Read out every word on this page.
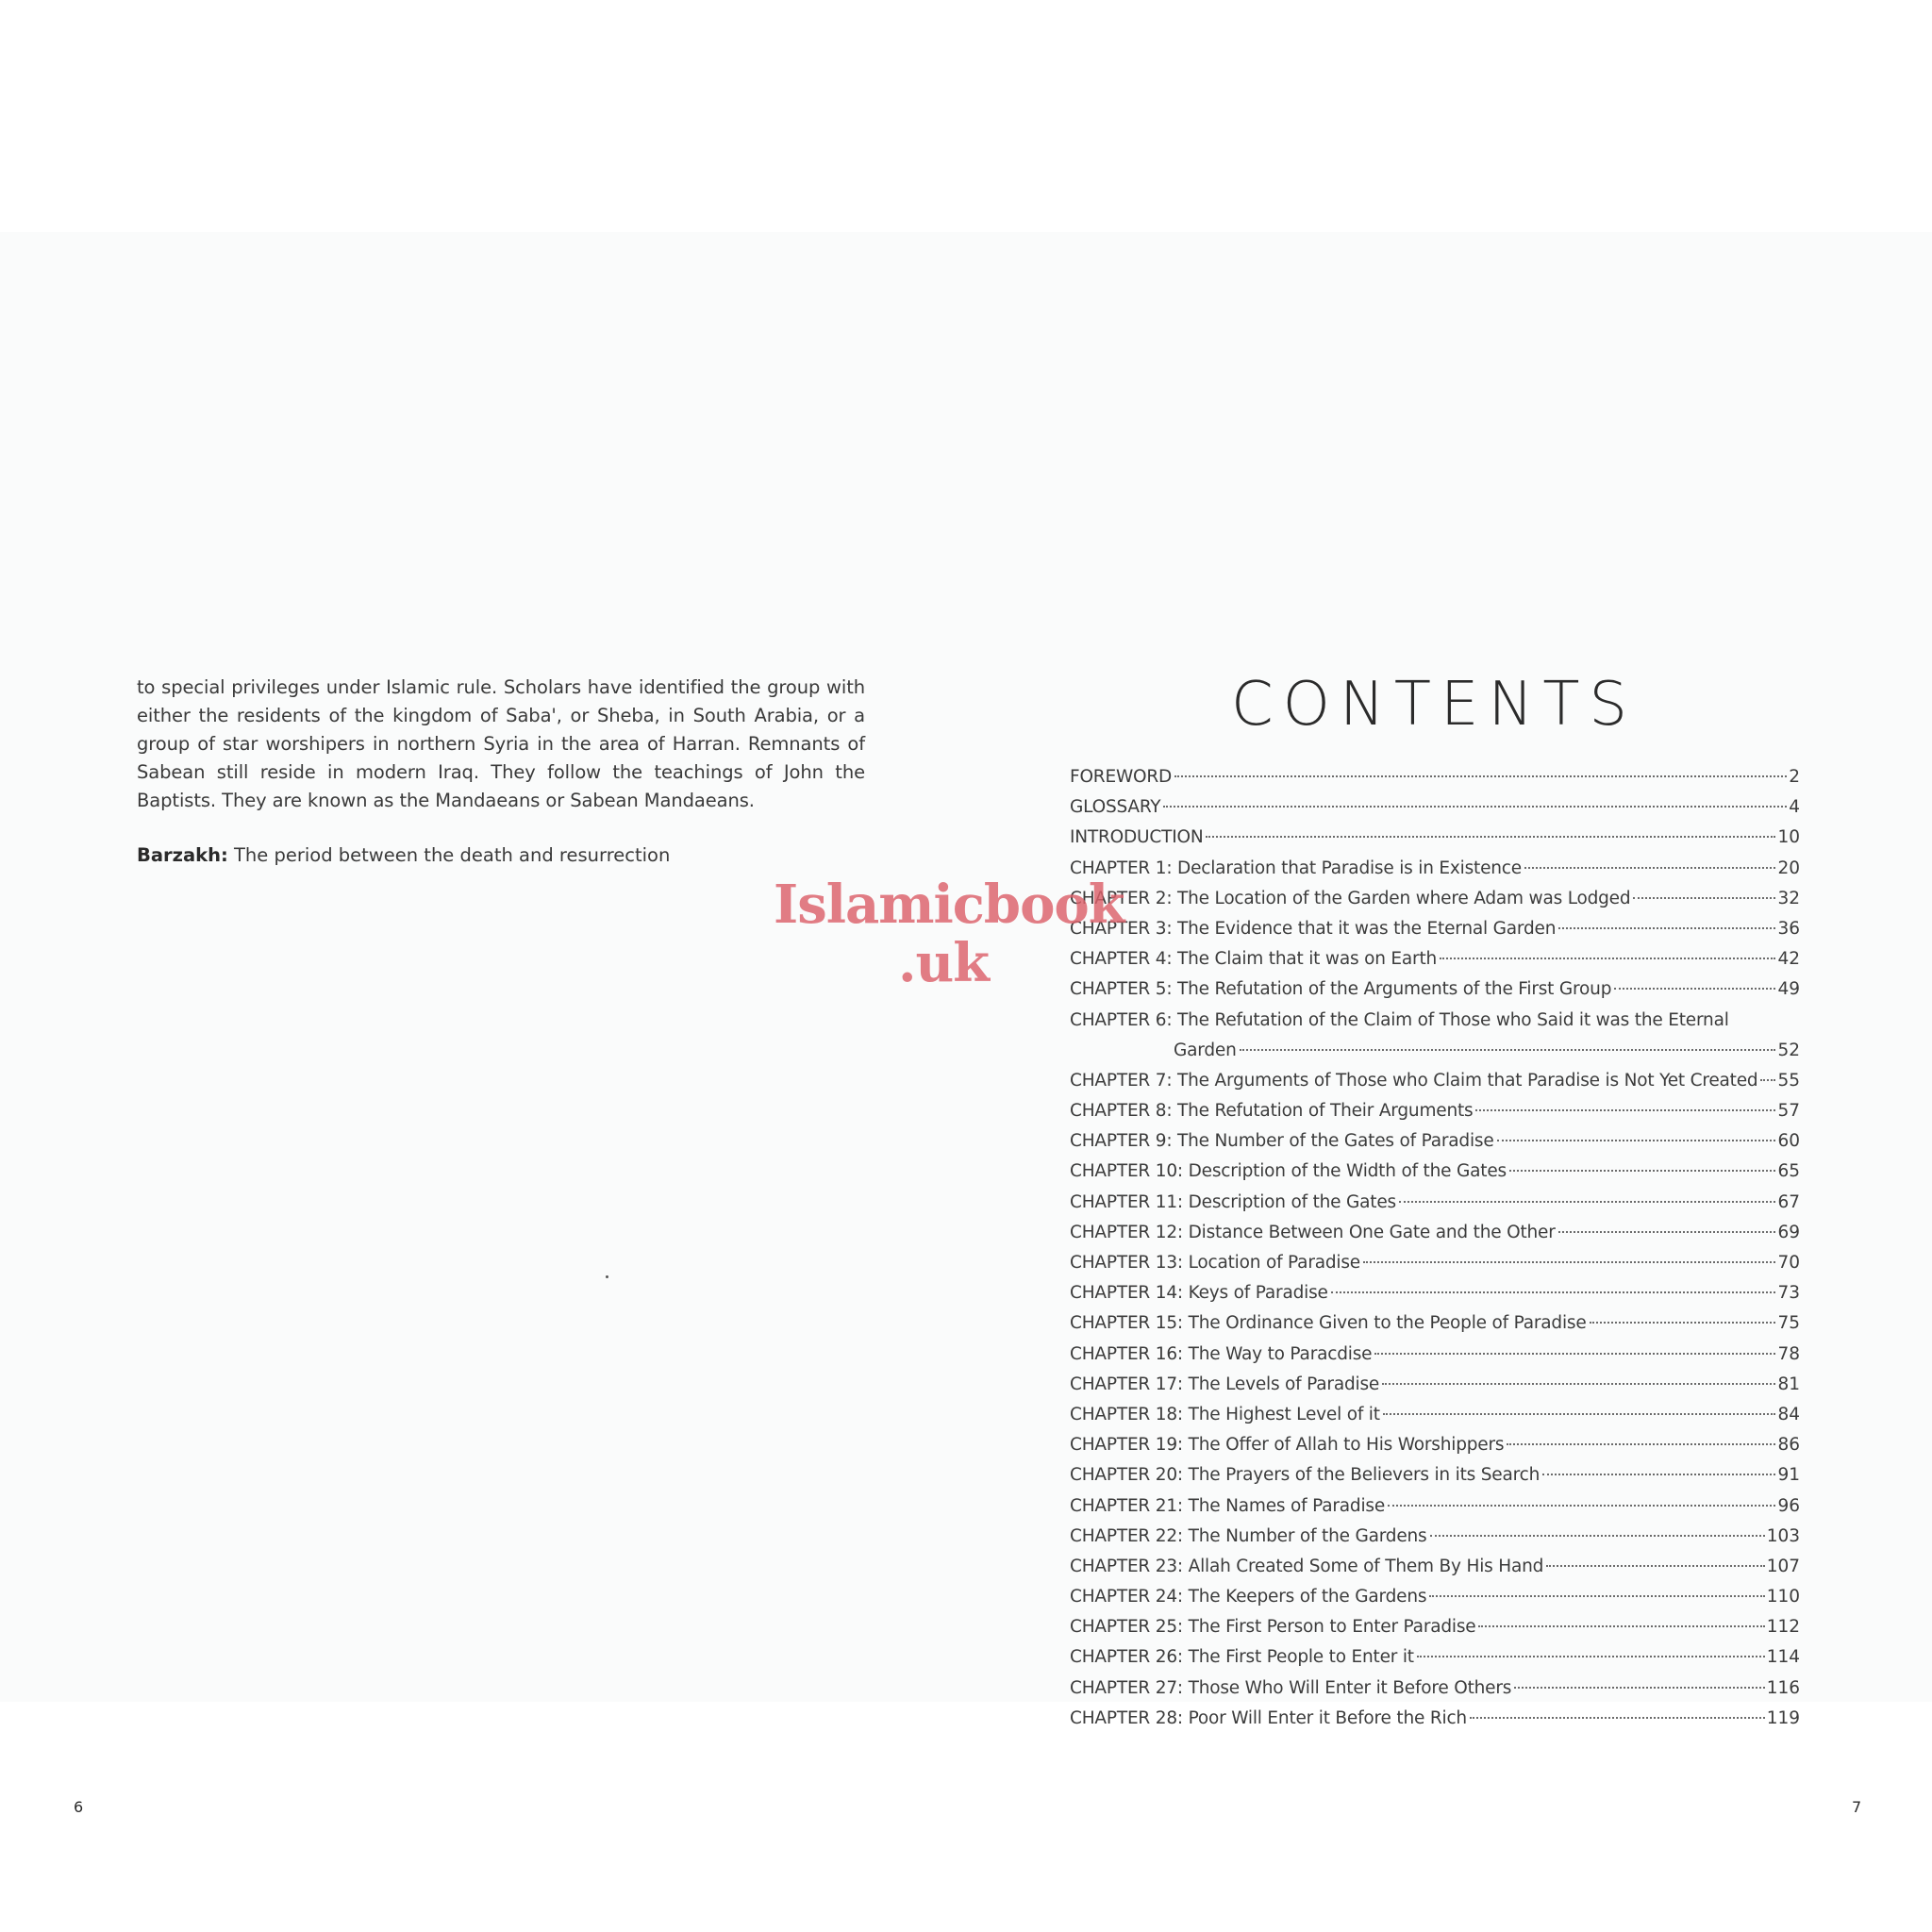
to special privileges under Islamic rule. Scholars have identified the group with either the residents of the kingdom of Saba', or Sheba, in South Arabia, or a group of star worshipers in northern Syria in the area of Harran. Remnants of Sabean still reside in modern Iraq. They follow the teachings of John the Baptists. They are known as the Mandaeans or Sabean Mandaeans.

Barzakh: The period between the death and resurrection

CONTENTS
FOREWORD	2
GLOSSARY	4
INTRODUCTION	10
CHAPTER 1: Declaration that Paradise is in Existence	20
CHAPTER 2: The Location of the Garden where Adam was Lodged	32
CHAPTER 3: The Evidence that it was the Eternal Garden	36
CHAPTER 4: The Claim that it was on Earth	42
CHAPTER 5: The Refutation of the Arguments of the First Group	49
CHAPTER 6: The Refutation of the Claim of Those who Said it was the Eternal
Garden	52
CHAPTER 7: The Arguments of Those who Claim that Paradise is Not Yet Created 55
CHAPTER 8: The Refutation of Their Arguments	57
CHAPTER 9: The Number of the Gates of Paradise	60
CHAPTER 10: Description of the Width of the Gates	65
CHAPTER 11: Description of the Gates	67
CHAPTER 12: Distance Between One Gate and the Other	69
CHAPTER 13: Location of Paradise	70
CHAPTER 14: Keys of Paradise	73
CHAPTER 15: The Ordinance Given to the People of Paradise	75
CHAPTER 16: The Way to Paracdise	78
CHAPTER 17: The Levels of Paradise	81
CHAPTER 18: The Highest Level of it	84
CHAPTER 19: The Offer of Allah to His Worshippers	86
CHAPTER 20: The Prayers of the Believers in its Search	91
CHAPTER 21: The Names of Paradise	96
CHAPTER 22: The Number of the Gardens	103
CHAPTER 23: Allah Created Some of Them By His Hand	107
CHAPTER 24: The Keepers of the Gardens	110
CHAPTER 25: The First Person to Enter Paradise	112
CHAPTER 26: The First People to Enter it	114
CHAPTER 27: Those Who Will Enter it Before Others	116
CHAPTER 28: Poor Will Enter it Before the Rich	119
6	7
Islamicbook
.uk
